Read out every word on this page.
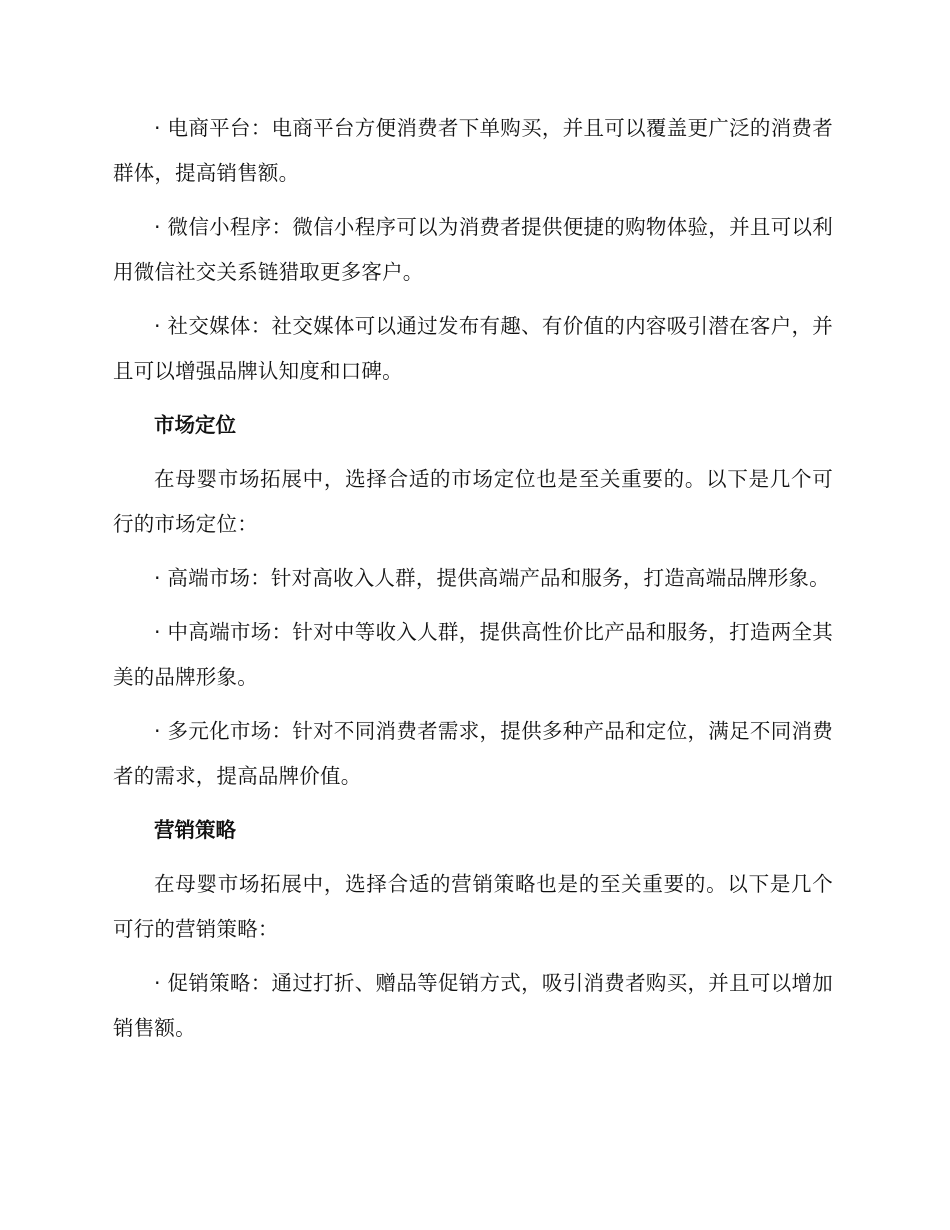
· 电商平台：电商平台方便消费者下单购买，并且可以覆盖更广泛的消费者群体，提高销售额。

· 微信小程序：微信小程序可以为消费者提供便捷的购物体验，并且可以利用微信社交关系链猎取更多客户。

· 社交媒体：社交媒体可以通过发布有趣、有价值的内容吸引潜在客户，并且可以增强品牌认知度和口碑。

市场定位

在母婴市场拓展中，选择合适的市场定位也是至关重要的。以下是几个可行的市场定位：

· 高端市场：针对高收入人群，提供高端产品和服务，打造高端品牌形象。

· 中高端市场：针对中等收入人群，提供高性价比产品和服务，打造两全其美的品牌形象。

· 多元化市场：针对不同消费者需求，提供多种产品和定位，满足不同消费者的需求，提高品牌价值。

营销策略

在母婴市场拓展中，选择合适的营销策略也是的至关重要的。以下是几个可行的营销策略：

· 促销策略：通过打折、赠品等促销方式，吸引消费者购买，并且可以增加销售额。
